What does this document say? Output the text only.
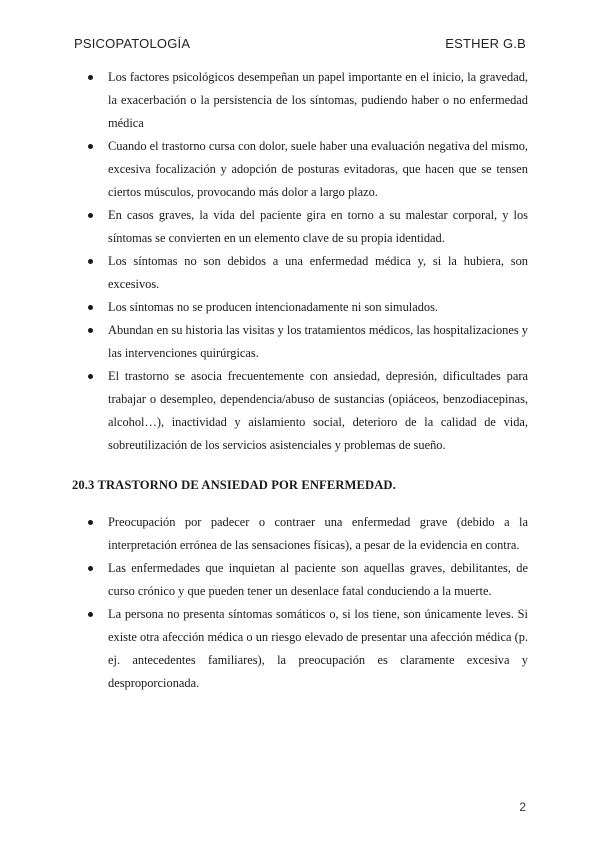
PSICOPATOLOGÍA	ESTHER G.B
Los factores psicológicos desempeñan un papel importante en el inicio, la gravedad, la exacerbación o la persistencia de los síntomas, pudiendo haber o no enfermedad médica
Cuando el trastorno cursa con dolor, suele haber una evaluación negativa del mismo, excesiva focalización y adopción de posturas evitadoras, que hacen que se tensen ciertos músculos, provocando más dolor a largo plazo.
En casos graves, la vida del paciente gira en torno a su malestar corporal, y los síntomas se convierten en un elemento clave de su propia identidad.
Los síntomas no son debidos a una enfermedad médica y, si la hubiera, son excesivos.
Los síntomas no se producen intencionadamente ni son simulados.
Abundan en su historia las visitas y los tratamientos médicos, las hospitalizaciones y las intervenciones quirúrgicas.
El trastorno se asocia frecuentemente con ansiedad, depresión, dificultades para trabajar o desempleo, dependencia/abuso de sustancias (opiáceos, benzodiacepinas, alcohol…), inactividad y aislamiento social, deterioro de la calidad de vida, sobreutilización de los servicios asistenciales y problemas de sueño.
20.3 TRASTORNO DE ANSIEDAD POR ENFERMEDAD.
Preocupación por padecer o contraer una enfermedad grave (debido a la interpretación errónea de las sensaciones físicas), a pesar de la evidencia en contra.
Las enfermedades que inquietan al paciente son aquellas graves, debilitantes, de curso crónico y que pueden tener un desenlace fatal conduciendo a la muerte.
La persona no presenta síntomas somáticos o, si los tiene, son únicamente leves. Si existe otra afección médica o un riesgo elevado de presentar una afección médica (p. ej. antecedentes familiares), la preocupación es claramente excesiva y desproporcionada.
2
